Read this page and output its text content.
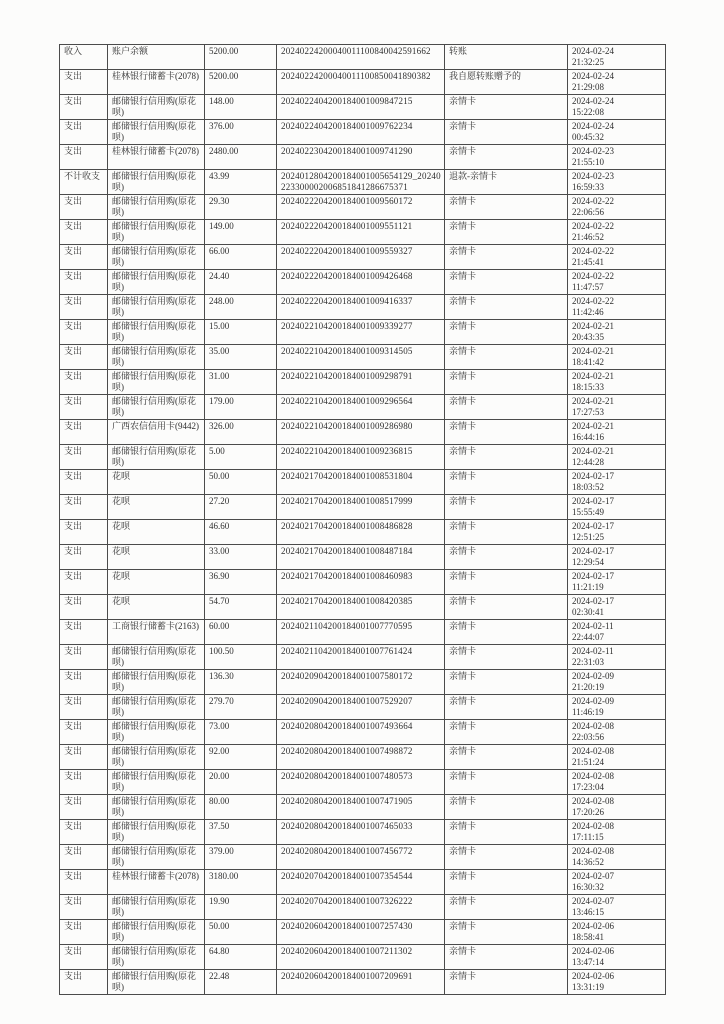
收入	账户余额	5200.00	20240224200040011100840042591662	转账	2024-02-24
21:32:25

支出	桂林银行储蓄卡(2078)	5200.00	20240224200040011100850041890382	我自愿转账赠予的	2024-02-24
21:29:08

支出	邮储银行信用购(原花呗)	148.00	2024022404200184001009847215	亲情卡	2024-02-24
15:22:08

支出	邮储银行信用购(原花呗)	376.00	2024022404200184001009762234	亲情卡	2024-02-24
00:45:32

支出	桂林银行储蓄卡(2078)	2480.00	2024022304200184001009741290	亲情卡	2024-02-23
21:55:10

不计收支	邮储银行信用购(原花呗)	43.99	2024012804200184001005654129_20240223300002006851841286675371	退款-亲情卡	2024-02-23
16:59:33

支出	邮储银行信用购(原花呗)	29.30	2024022204200184001009560172	亲情卡	2024-02-22
22:06:56

支出	邮储银行信用购(原花呗)	149.00	2024022204200184001009551121	亲情卡	2024-02-22
21:46:52

支出	邮储银行信用购(原花呗)	66.00	2024022204200184001009559327	亲情卡	2024-02-22
21:45:41

支出	邮储银行信用购(原花呗)	24.40	2024022204200184001009426468	亲情卡	2024-02-22
11:47:57

支出	邮储银行信用购(原花呗)	248.00	2024022204200184001009416337	亲情卡	2024-02-22
11:42:46

支出	邮储银行信用购(原花呗)	15.00	2024022104200184001009339277	亲情卡	2024-02-21
20:43:35

支出	邮储银行信用购(原花呗)	35.00	2024022104200184001009314505	亲情卡	2024-02-21
18:41:42

支出	邮储银行信用购(原花呗)	31.00	2024022104200184001009298791	亲情卡	2024-02-21
18:15:33

支出	邮储银行信用购(原花呗)	179.00	2024022104200184001009296564	亲情卡	2024-02-21
17:27:53

支出	广西农信信用卡(9442)	326.00	2024022104200184001009286980	亲情卡	2024-02-21
16:44:16

支出	邮储银行信用购(原花呗)	5.00	2024022104200184001009236815	亲情卡	2024-02-21
12:44:28

支出	花呗	50.00	2024021704200184001008531804	亲情卡	2024-02-17
18:03:52

支出	花呗	27.20	2024021704200184001008517999	亲情卡	2024-02-17
15:55:49

支出	花呗	46.60	2024021704200184001008486828	亲情卡	2024-02-17
12:51:25

支出	花呗	33.00	2024021704200184001008487184	亲情卡	2024-02-17
12:29:54

支出	花呗	36.90	2024021704200184001008460983	亲情卡	2024-02-17
11:21:19

支出	花呗	54.70	2024021704200184001008420385	亲情卡	2024-02-17
02:30:41

支出	工商银行储蓄卡(2163)	60.00	2024021104200184001007770595	亲情卡	2024-02-11
22:44:07

支出	邮储银行信用购(原花呗)	100.50	2024021104200184001007761424	亲情卡	2024-02-11
22:31:03

支出	邮储银行信用购(原花呗)	136.30	2024020904200184001007580172	亲情卡	2024-02-09
21:20:19

支出	邮储银行信用购(原花呗)	279.70	2024020904200184001007529207	亲情卡	2024-02-09
11:46:19

支出	邮储银行信用购(原花呗)	73.00	2024020804200184001007493664	亲情卡	2024-02-08
22:03:56

支出	邮储银行信用购(原花呗)	92.00	2024020804200184001007498872	亲情卡	2024-02-08
21:51:24

支出	邮储银行信用购(原花呗)	20.00	2024020804200184001007480573	亲情卡	2024-02-08
17:23:04

支出	邮储银行信用购(原花呗)	80.00	2024020804200184001007471905	亲情卡	2024-02-08
17:20:26

支出	邮储银行信用购(原花呗)	37.50	2024020804200184001007465033	亲情卡	2024-02-08
17:11:15

支出	邮储银行信用购(原花呗)	379.00	2024020804200184001007456772	亲情卡	2024-02-08
14:36:52

支出	桂林银行储蓄卡(2078)	3180.00	2024020704200184001007354544	亲情卡	2024-02-07
16:30:32

支出	邮储银行信用购(原花呗)	19.90	2024020704200184001007326222	亲情卡	2024-02-07
13:46:15

支出	邮储银行信用购(原花呗)	50.00	2024020604200184001007257430	亲情卡	2024-02-06
18:58:41

支出	邮储银行信用购(原花呗)	64.80	2024020604200184001007211302	亲情卡	2024-02-06
13:47:14

支出	邮储银行信用购(原花呗)	22.48	2024020604200184001007209691	亲情卡	2024-02-06
13:31:19
